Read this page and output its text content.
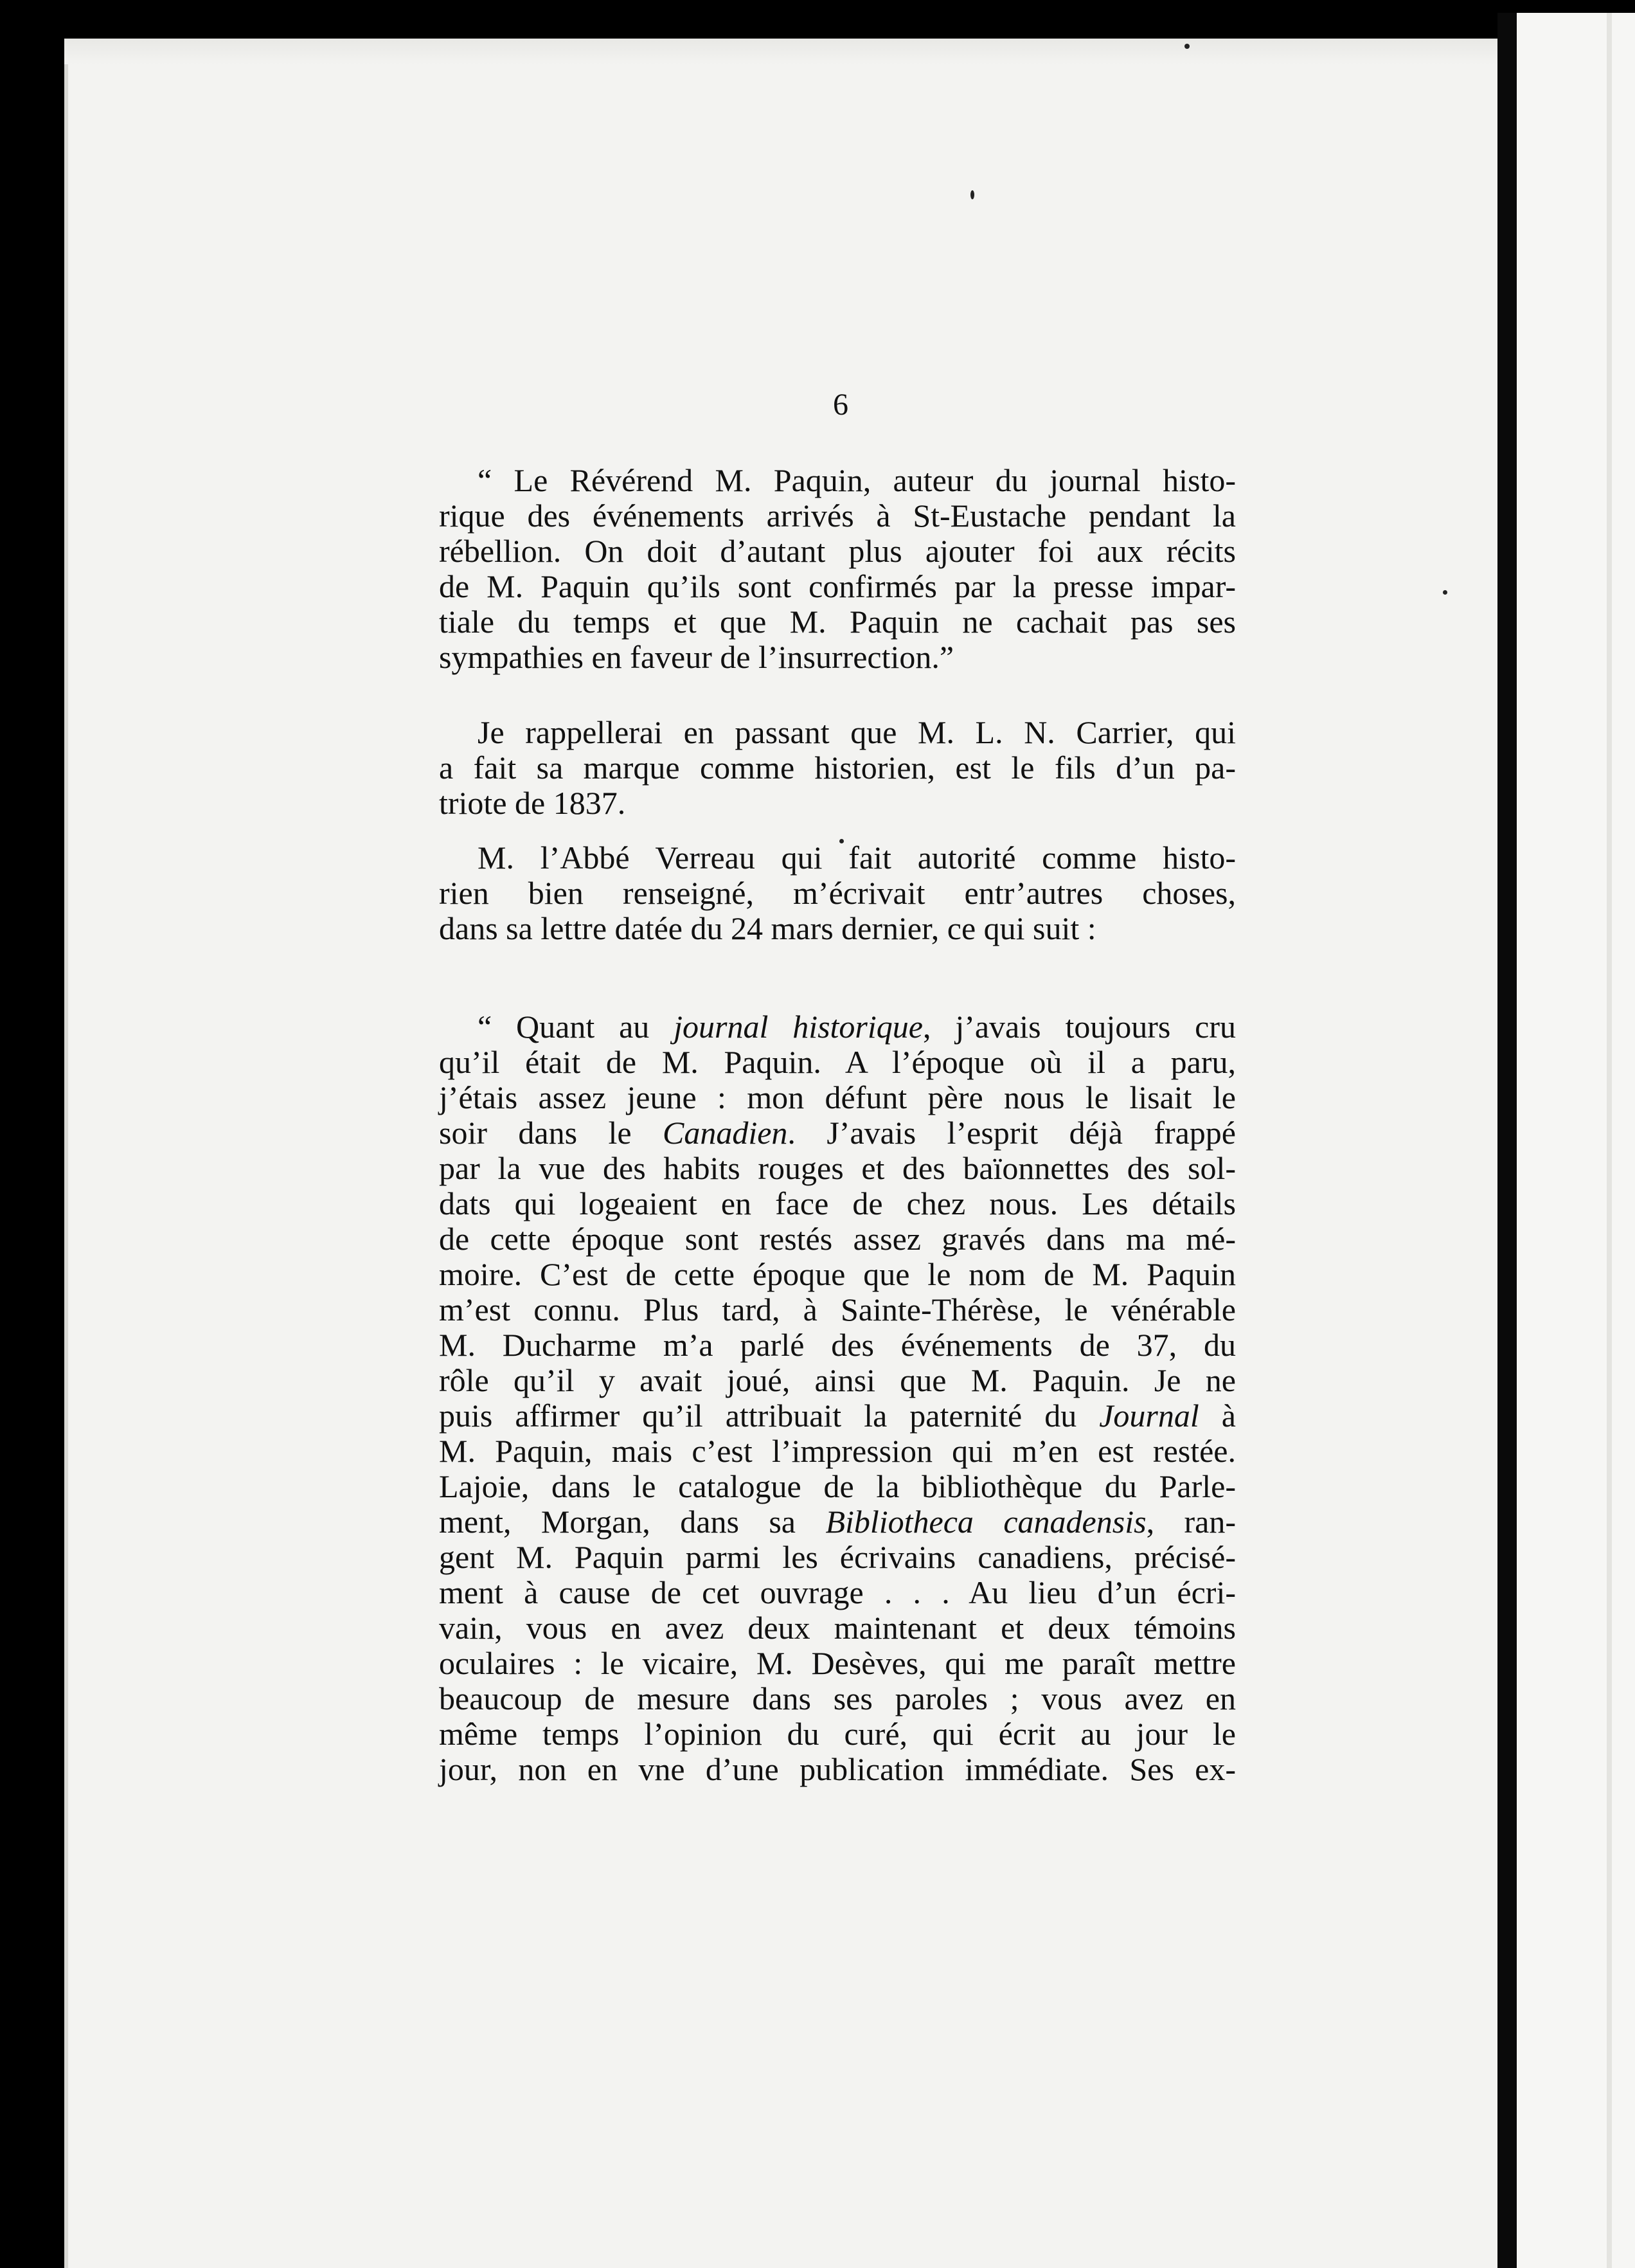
6

“ Le Révérend M. Paquin, auteur du journal histo-
rique des événements arrivés à St-Eustache pendant la
rébellion. On doit d’autant plus ajouter foi aux récits
de M. Paquin qu’ils sont confirmés par la presse impar-
tiale du temps et que M. Paquin ne cachait pas ses
sympathies en faveur de l’insurrection.”

Je rappellerai en passant que M. L. N. Carrier, qui
a fait sa marque comme historien, est le fils d’un pa-
triote de 1837.

M. l’Abbé Verreau qui fait autorité comme histo-
rien bien renseigné, m’écrivait entr’autres choses,
dans sa lettre datée du 24 mars dernier, ce qui suit :

“ Quant au journal historique, j’avais toujours cru
qu’il était de M. Paquin. A l’époque où il a paru,
j’étais assez jeune : mon défunt père nous le lisait le
soir dans le Canadien. J’avais l’esprit déjà frappé
par la vue des habits rouges et des baïonnettes des sol-
dats qui logeaient en face de chez nous. Les détails
de cette époque sont restés assez gravés dans ma mé-
moire. C’est de cette époque que le nom de M. Paquin
m’est connu. Plus tard, à Sainte-Thérèse, le vénérable
M. Ducharme m’a parlé des événements de 37, du
rôle qu’il y avait joué, ainsi que M. Paquin. Je ne
puis affirmer qu’il attribuait la paternité du Journal à
M. Paquin, mais c’est l’impression qui m’en est restée.
Lajoie, dans le catalogue de la bibliothèque du Parle-
ment, Morgan, dans sa Bibliotheca canadensis, ran-
gent M. Paquin parmi les écrivains canadiens, précisé-
ment à cause de cet ouvrage . . . Au lieu d’un écri-
vain, vous en avez deux maintenant et deux témoins
oculaires : le vicaire, M. Desèves, qui me paraît mettre
beaucoup de mesure dans ses paroles ; vous avez en
même temps l’opinion du curé, qui écrit au jour le
jour, non en vne d’une publication immédiate. Ses ex-
